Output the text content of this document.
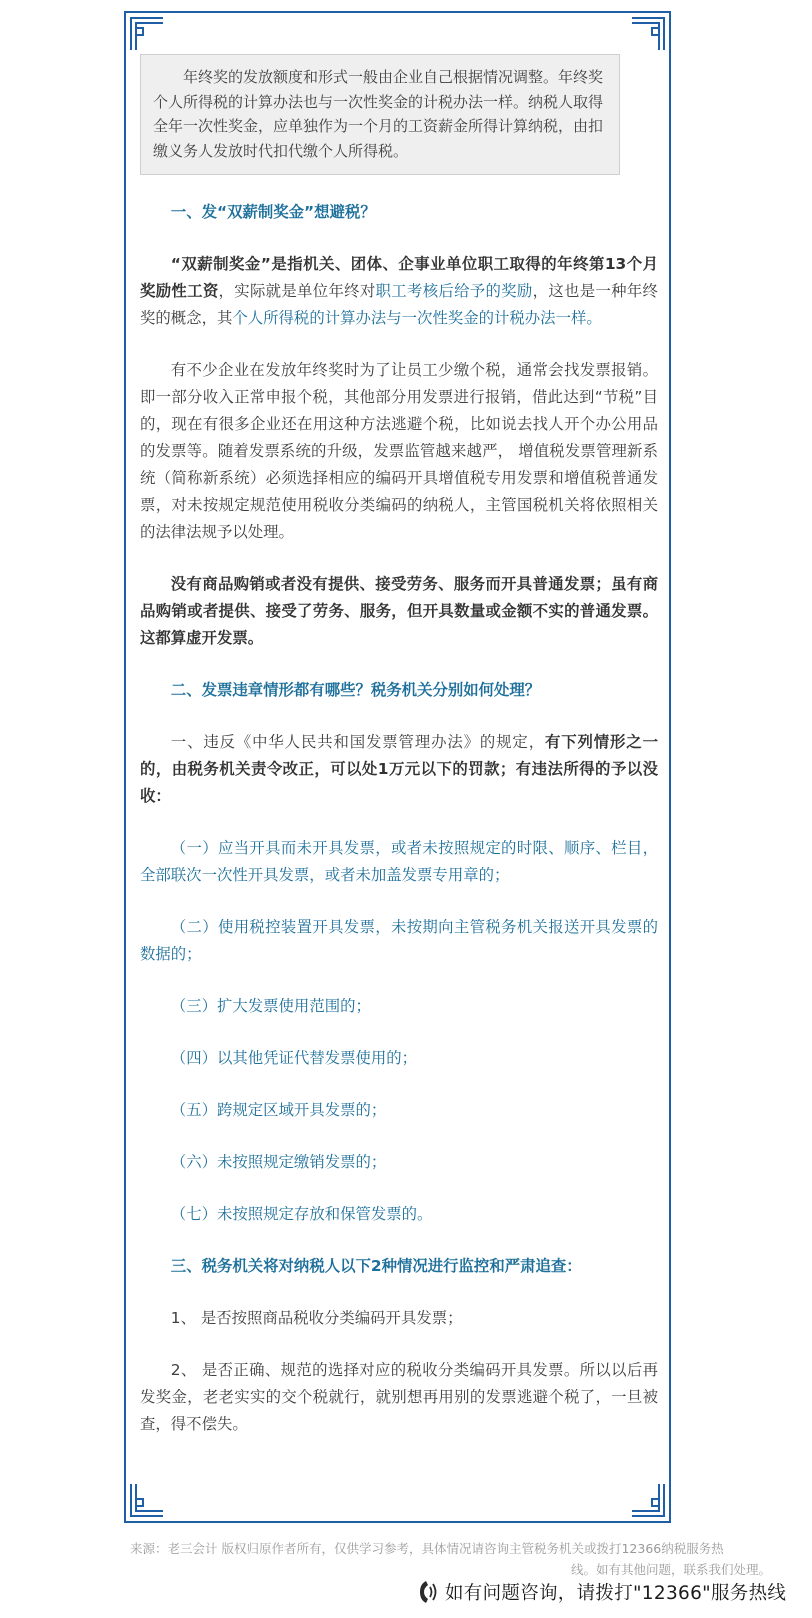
年终奖的发放额度和形式一般由企业自己根据情况调整。年终奖个人所得税的计算办法也与一次性奖金的计税办法一样。纳税人取得全年一次性奖金，应单独作为一个月的工资薪金所得计算纳税，由扣缴义务人发放时代扣代缴个人所得税。

一、发“双薪制奖金”想避税？

“双薪制奖金”是指机关、团体、企事业单位职工取得的年终第13个月奖励性工资，实际就是单位年终对职工考核后给予的奖励，这也是一种年终奖的概念，其个人所得税的计算办法与一次性奖金的计税办法一样。

有不少企业在发放年终奖时为了让员工少缴个税，通常会找发票报销。即一部分收入正常申报个税，其他部分用发票进行报销，借此达到“节税”目的，现在有很多企业还在用这种方法逃避个税，比如说去找人开个办公用品的发票等。随着发票系统的升级，发票监管越来越严， 增值税发票管理新系统（简称新系统）必须选择相应的编码开具增值税专用发票和增值税普通发票，对未按规定规范使用税收分类编码的纳税人，主管国税机关将依照相关的法律法规予以处理。

没有商品购销或者没有提供、接受劳务、服务而开具普通发票；虽有商品购销或者提供、接受了劳务、服务，但开具数量或金额不实的普通发票。这都算虚开发票。

二、发票违章情形都有哪些？税务机关分别如何处理？

一、违反《中华人民共和国发票管理办法》的规定，有下列情形之一的，由税务机关责令改正，可以处1万元以下的罚款；有违法所得的予以没收：

（一）应当开具而未开具发票，或者未按照规定的时限、顺序、栏目，全部联次一次性开具发票，或者未加盖发票专用章的；

（二）使用税控装置开具发票，未按期向主管税务机关报送开具发票的数据的；

（三）扩大发票使用范围的；

（四）以其他凭证代替发票使用的；

（五）跨规定区域开具发票的；

（六）未按照规定缴销发票的；

（七）未按照规定存放和保管发票的。

三、税务机关将对纳税人以下2种情况进行监控和严肃追查：

1、 是否按照商品税收分类编码开具发票；

2、 是否正确、规范的选择对应的税收分类编码开具发票。所以以后再发奖金，老老实实的交个税就行，就别想再用别的发票逃避个税了，一旦被查，得不偿失。

来源：老三会计 版权归原作者所有，仅供学习参考，具体情况请咨询主管税务机关或拨打12366纳税服务热
线。如有其他问题，联系我们处理。
如有问题咨询，请拨打"12366"服务热线
